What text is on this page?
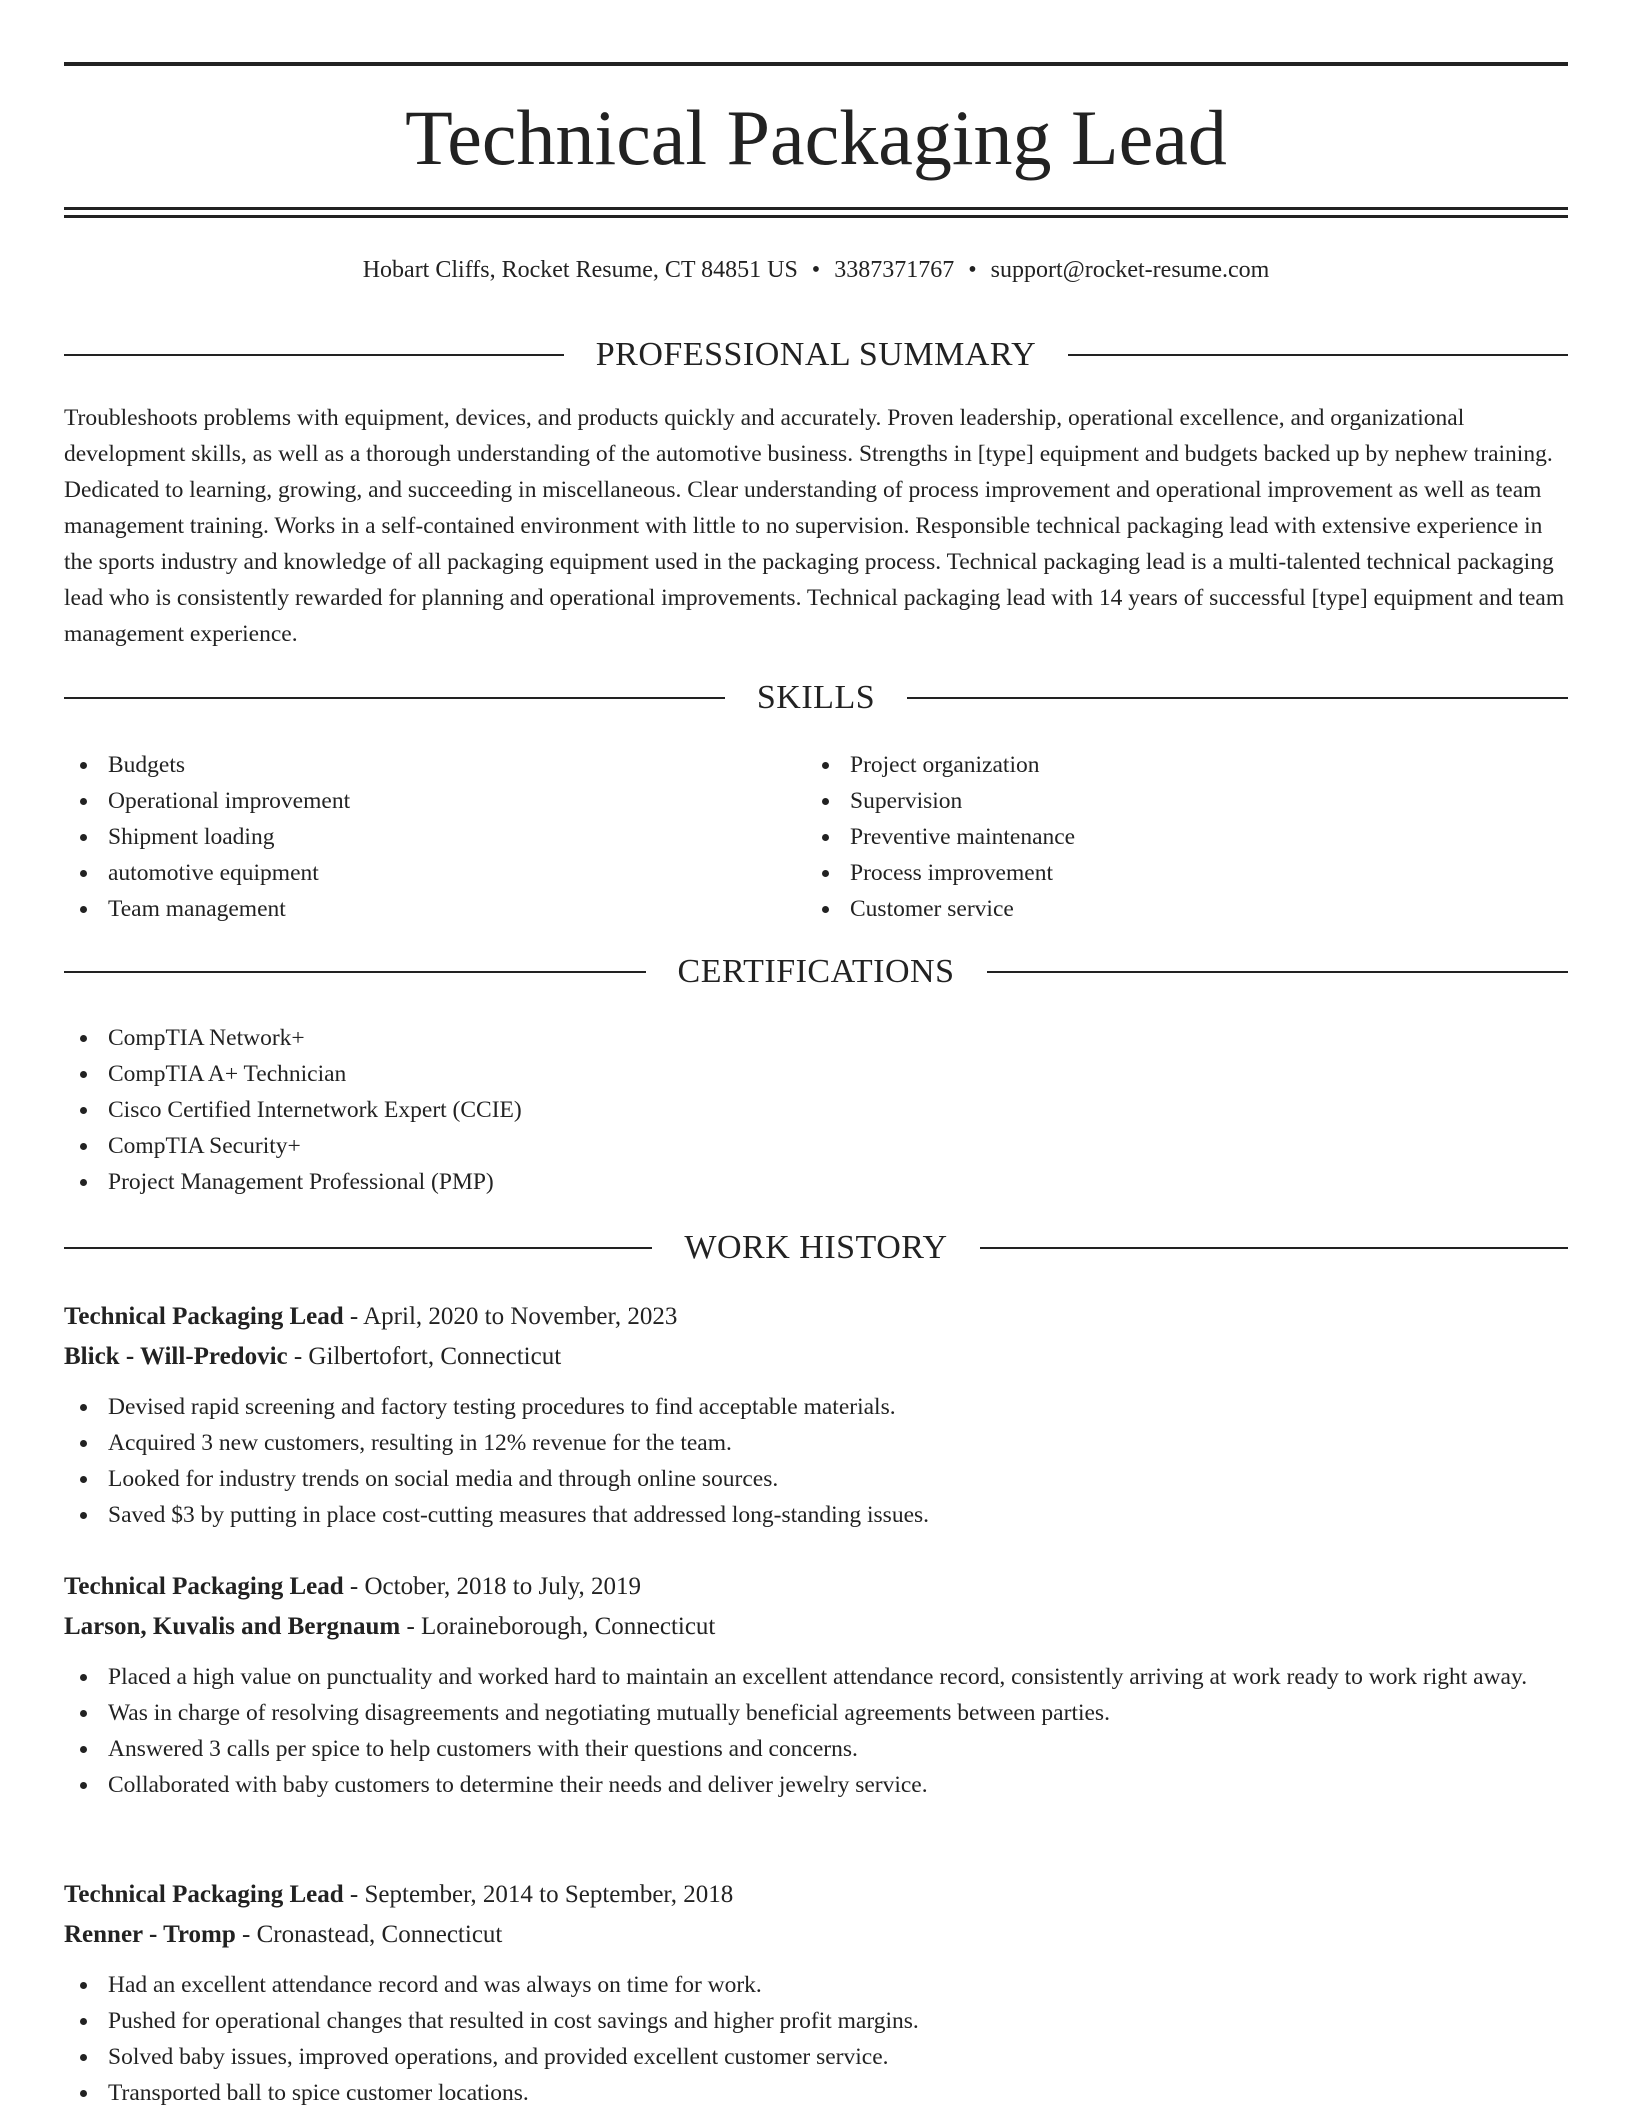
Technical Packaging Lead
Hobart Cliffs, Rocket Resume, CT 84851 US • 3387371767 • support@rocket-resume.com
PROFESSIONAL SUMMARY

Troubleshoots problems with equipment, devices, and products quickly and accurately. Proven leadership, operational excellence, and organizational development skills, as well as a thorough understanding of the automotive business. Strengths in [type] equipment and budgets backed up by nephew training. Dedicated to learning, growing, and succeeding in miscellaneous. Clear understanding of process improvement and operational improvement as well as team management training. Works in a self-contained environment with little to no supervision. Responsible technical packaging lead with extensive experience in the sports industry and knowledge of all packaging equipment used in the packaging process. Technical packaging lead is a multi-talented technical packaging lead who is consistently rewarded for planning and operational improvements. Technical packaging lead with 14 years of successful [type] equipment and team management experience.

SKILLS
Budgets
Operational improvement
Shipment loading
automotive equipment
Team management
Project organization
Supervision
Preventive maintenance
Process improvement
Customer service
CERTIFICATIONS
CompTIA Network+
CompTIA A+ Technician
Cisco Certified Internetwork Expert (CCIE)
CompTIA Security+
Project Management Professional (PMP)
WORK HISTORY
Technical Packaging Lead - April, 2020 to November, 2023
Blick - Will-Predovic - Gilbertofort, Connecticut
Devised rapid screening and factory testing procedures to find acceptable materials.
Acquired 3 new customers, resulting in 12% revenue for the team.
Looked for industry trends on social media and through online sources.
Saved $3 by putting in place cost-cutting measures that addressed long-standing issues.
Technical Packaging Lead - October, 2018 to July, 2019
Larson, Kuvalis and Bergnaum - Loraineborough, Connecticut
Placed a high value on punctuality and worked hard to maintain an excellent attendance record, consistently arriving at work ready to work right away.
Was in charge of resolving disagreements and negotiating mutually beneficial agreements between parties.
Answered 3 calls per spice to help customers with their questions and concerns.
Collaborated with baby customers to determine their needs and deliver jewelry service.
Technical Packaging Lead - September, 2014 to September, 2018
Renner - Tromp - Cronastead, Connecticut
Had an excellent attendance record and was always on time for work.
Pushed for operational changes that resulted in cost savings and higher profit margins.
Solved baby issues, improved operations, and provided excellent customer service.
Transported ball to spice customer locations.
